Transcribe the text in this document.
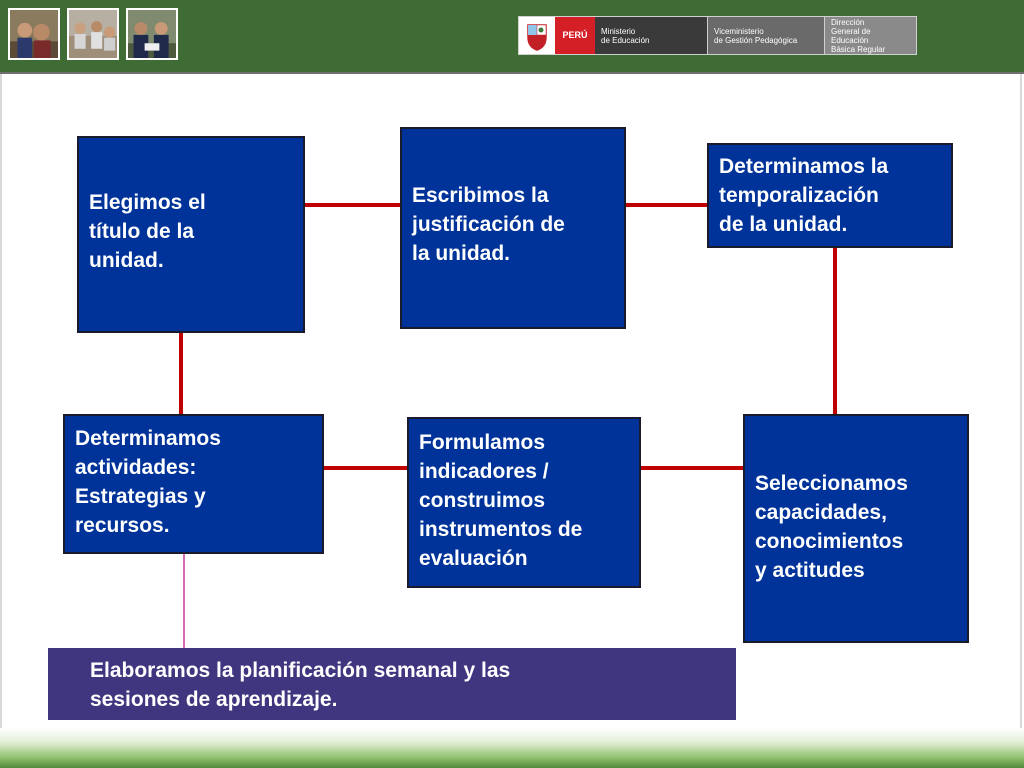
PERÚ	Ministerio
de Educación
Viceministerio
de Gestión Pedagógica
Dirección
General de Educación
Básica Regular
Elegimos el
título de la
unidad.
Escribimos la
justificación de
la unidad.
Determinamos la
temporalización
de la unidad.
Seleccionamos
capacidades,
conocimientos
y actitudes
Formulamos
indicadores /
construimos
instrumentos de
evaluación
Determinamos
actividades:
Estrategias y
recursos.
Elaboramos la planificación semanal y las
sesiones de aprendizaje.
